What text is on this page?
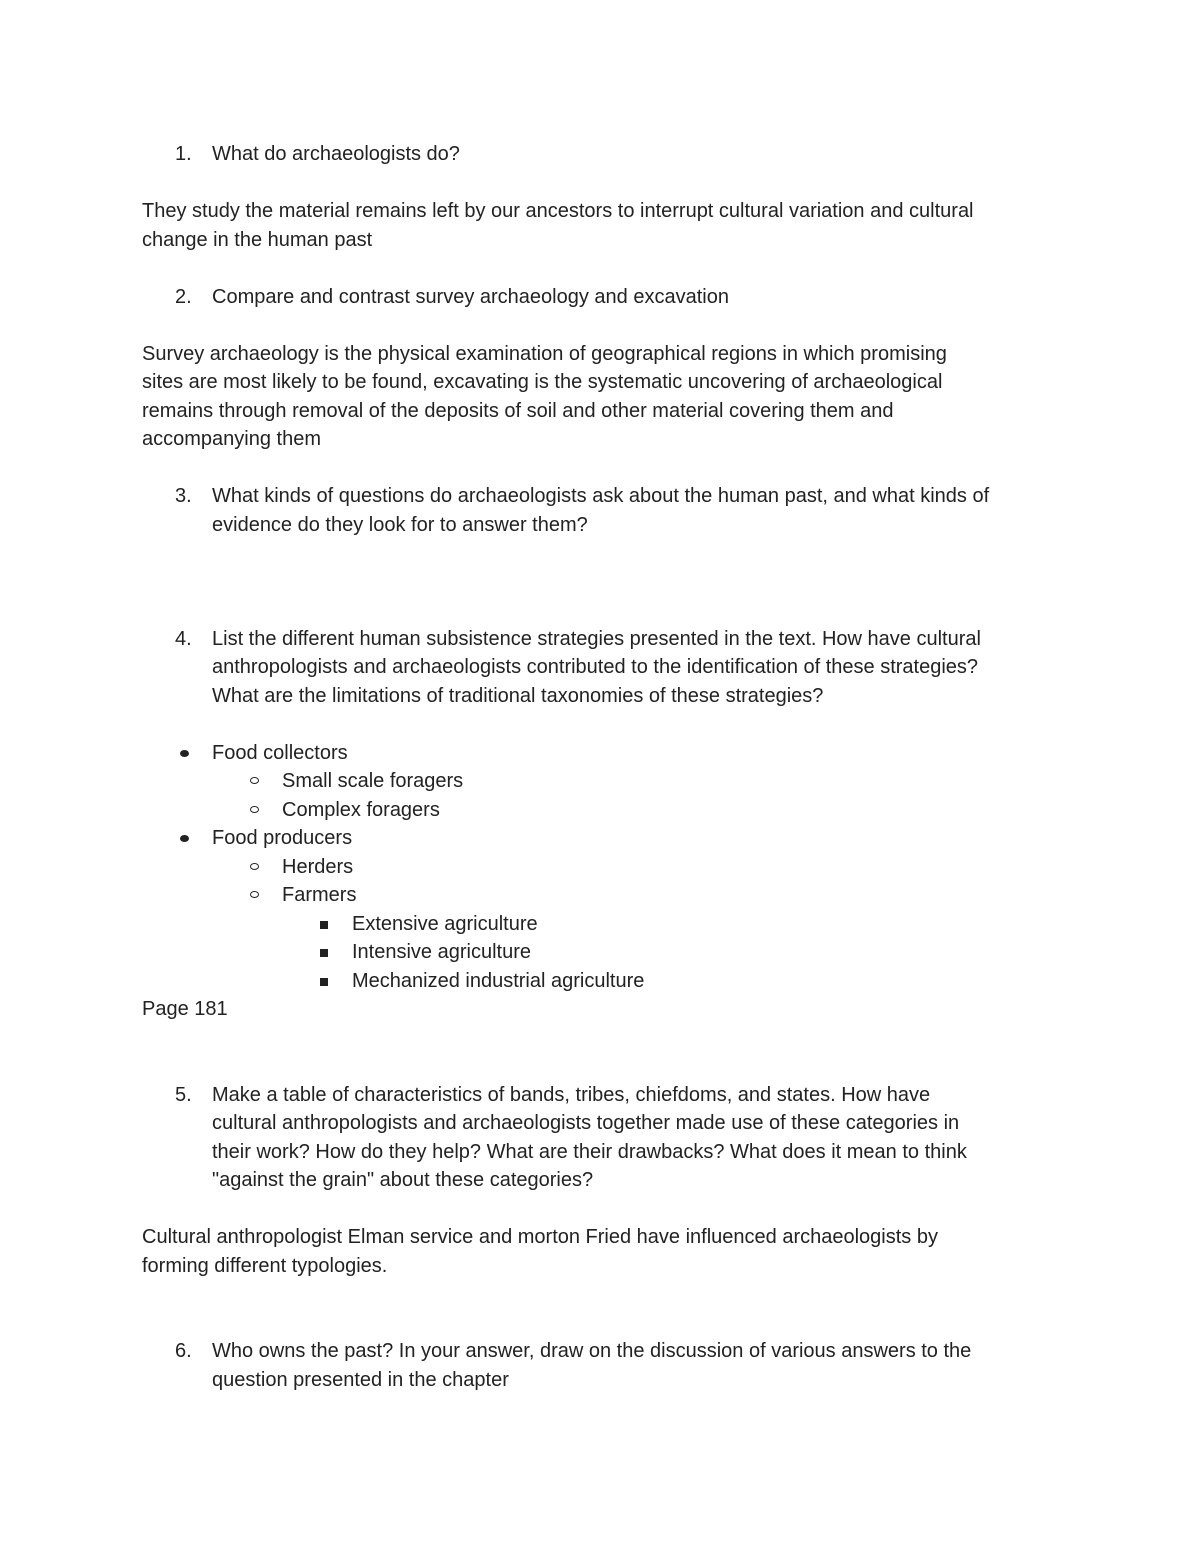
1. What do archaeologists do?
They study the material remains left by our ancestors to interrupt cultural variation and cultural
change in the human past
2. Compare and contrast survey archaeology and excavation
Survey archaeology is the physical examination of geographical regions in which promising
sites are most likely to be found, excavating is the systematic uncovering of archaeological
remains through removal of the deposits of soil and other material covering them and
accompanying them
3. What kinds of questions do archaeologists ask about the human past, and what kinds of
evidence do they look for to answer them?
4. List the different human subsistence strategies presented in the text. How have cultural
anthropologists and archaeologists contributed to the identification of these strategies?
What are the limitations of traditional taxonomies of these strategies?
Food collectors
Small scale foragers
Complex foragers
Food producers
Herders
Farmers
Extensive agriculture
Intensive agriculture
Mechanized industrial agriculture
Page 181
5. Make a table of characteristics of bands, tribes, chiefdoms, and states. How have
cultural anthropologists and archaeologists together made use of these categories in
their work? How do they help? What are their drawbacks? What does it mean to think
"against the grain" about these categories?
Cultural anthropologist Elman service and morton Fried have influenced archaeologists by
forming different typologies.
6. Who owns the past? In your answer, draw on the discussion of various answers to the
question presented in the chapter
